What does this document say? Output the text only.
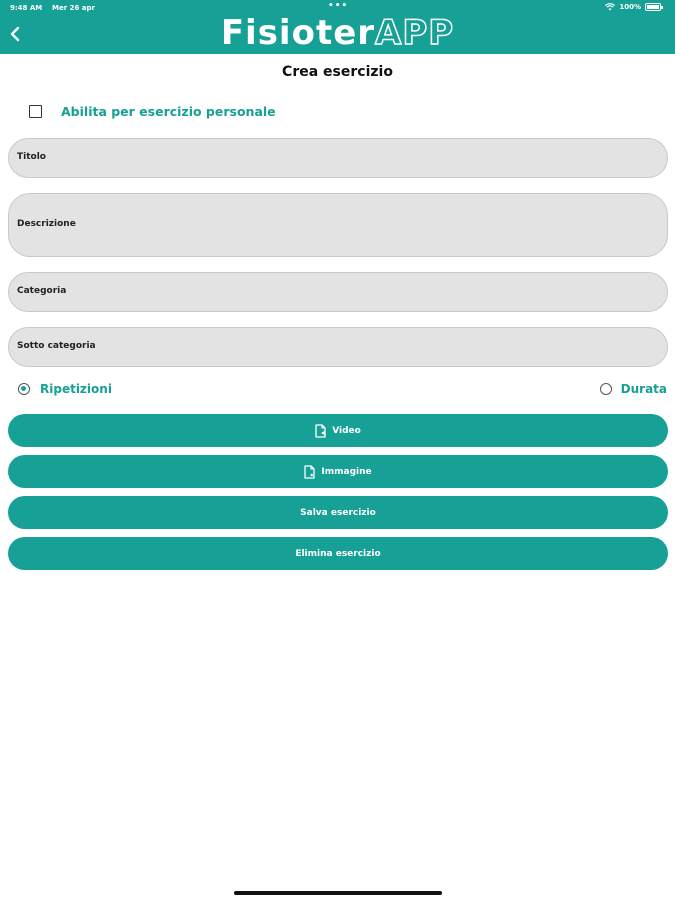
9:48 AM Mer 26 apr	•••	100%
FisioterAPP
Crea esercizio
Abilita per esercizio personale
Titolo
Descrizione
Categoria
Sotto categoria
Ripetizioni	Durata
Video
Immagine
Salva esercizio
Elimina esercizio
